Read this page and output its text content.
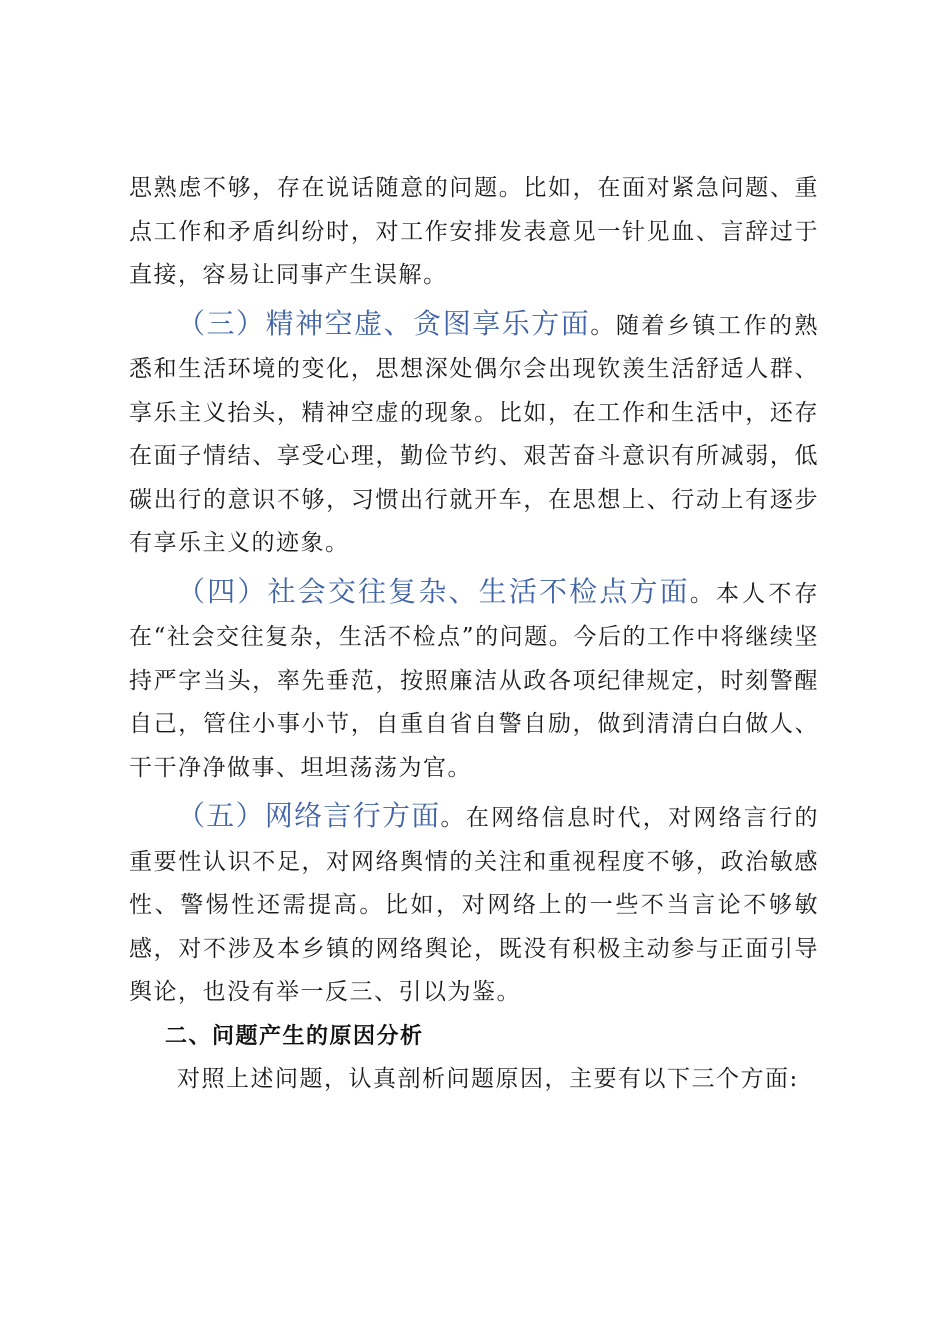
思熟虑不够，存在说话随意的问题。比如，在面对紧急问题、重点工作和矛盾纠纷时，对工作安排发表意见一针见血、言辞过于直接，容易让同事产生误解。

（三）精神空虚、贪图享乐方面。随着乡镇工作的熟悉和生活环境的变化，思想深处偶尔会出现钦羡生活舒适人群、享乐主义抬头，精神空虚的现象。比如，在工作和生活中，还存在面子情结、享受心理，勤俭节约、艰苦奋斗意识有所减弱，低碳出行的意识不够，习惯出行就开车，在思想上、行动上有逐步有享乐主义的迹象。

（四）社会交往复杂、生活不检点方面。本人不存在“社会交往复杂，生活不检点”的问题。今后的工作中将继续坚持严字当头，率先垂范，按照廉洁从政各项纪律规定，时刻警醒自己，管住小事小节，自重自省自警自励，做到清清白白做人、干干净净做事、坦坦荡荡为官。

（五）网络言行方面。在网络信息时代，对网络言行的重要性认识不足，对网络舆情的关注和重视程度不够，政治敏感性、警惕性还需提高。比如，对网络上的一些不当言论不够敏感，对不涉及本乡镇的网络舆论，既没有积极主动参与正面引导舆论，也没有举一反三、引以为鉴。

二、问题产生的原因分析

对照上述问题，认真剖析问题原因，主要有以下三个方面:
